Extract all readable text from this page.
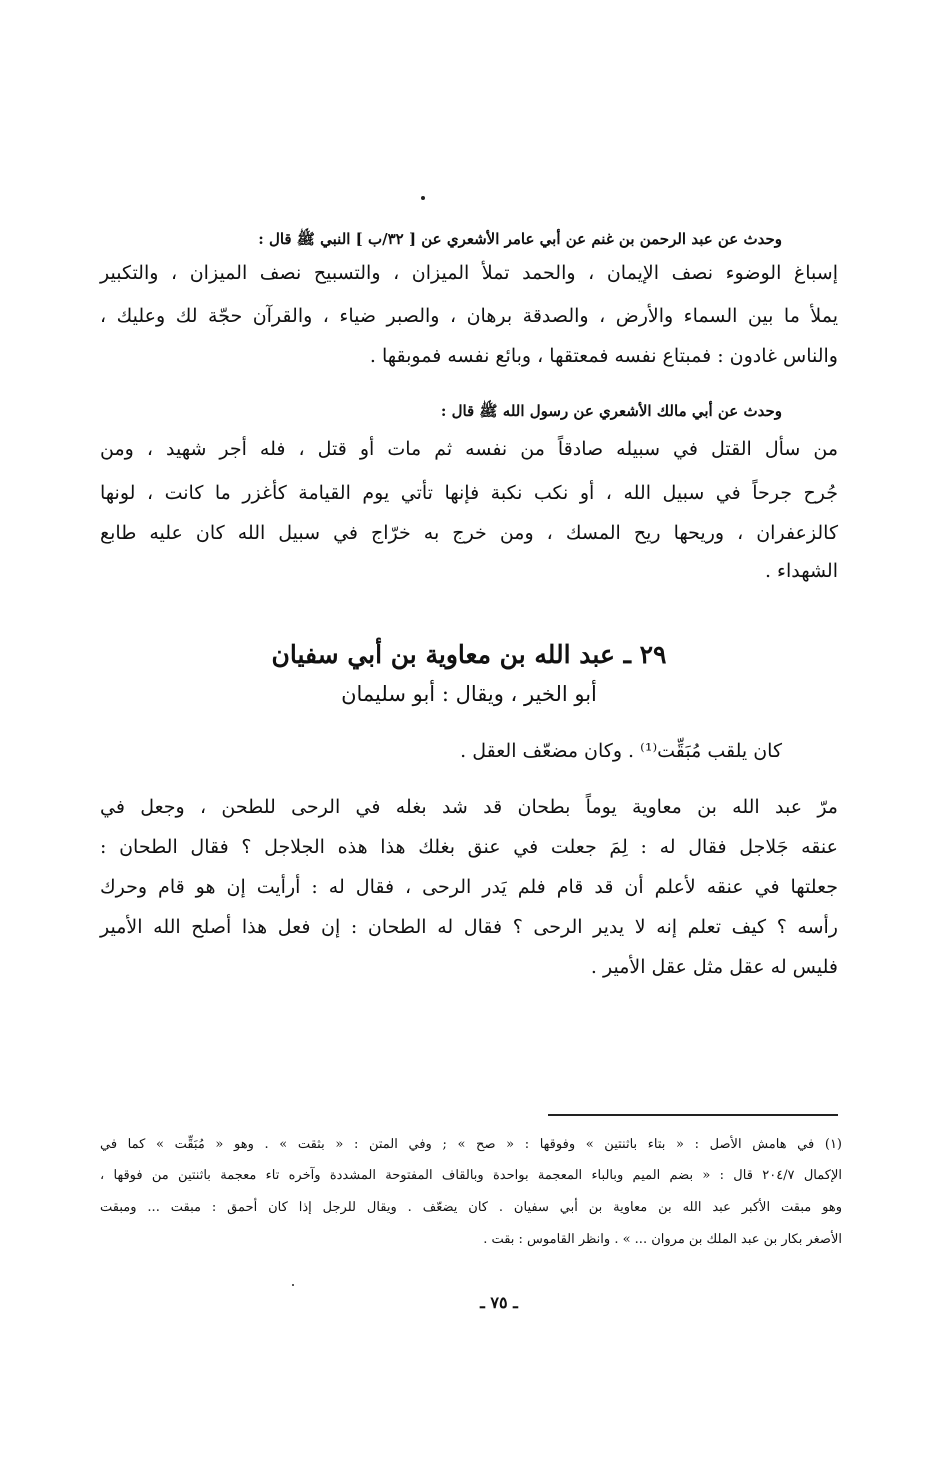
وحدث عن عبد الرحمن بن غنم عن أبي عامر الأشعري عن [ ٣٢/ب ] النبي ﷺ قال :
إسباغ الوضوء نصف الإيمان ، والحمد تملأ الميزان ، والتسبيح نصف الميزان ، والتكبير
يملأ ما بين السماء والأرض ، والصدقة برهان ، والصبر ضياء ، والقرآن حجّة لك وعليك ،
والناس غادون : فمبتاع نفسه فمعتقها ، وبائع نفسه فموبقها .
وحدث عن أبي مالك الأشعري عن رسول الله ﷺ قال :
من سأل القتل في سبيله صادقاً من نفسه ثم مات أو قتل ، فله أجر شهيد ، ومن
جُرح جرحاً في سبيل الله ، أو نكب نكبة فإنها تأتي يوم القيامة كأغزر ما كانت ، لونها
كالزعفران ، وريحها ريح المسك ، ومن خرج به خرّاج في سبيل الله كان عليه طابع
الشهداء .
٢٩ ـ عبد الله بن معاوية بن أبي سفيان
أبو الخير ، ويقال : أبو سليمان
كان يلقب مُبَقِّت⁽¹⁾ . وكان مضعّف العقل .
مرّ عبد الله بن معاوية يوماً بطحان قد شد بغله في الرحى للطحن ، وجعل في
عنقه جَلاجل فقال له : لِمَ جعلت في عنق بغلك هذا هذه الجلاجل ؟ فقال الطحان :
جعلتها في عنقه لأعلم أن قد قام فلم يَدر الرحى ، فقال له : أرأيت إن هو قام وحرك
رأسه ؟ كيف تعلم إنه لا يدير الرحى ؟ فقال له الطحان : إن فعل هذا أصلح الله الأمير
فليس له عقل مثل عقل الأمير .
(١) في هامش الأصل : « بتاء باثنتين » وفوقها : « صح » ; وفي المتن : « بثقت » . وهو « مُبَقِّت » كما في
الإكمال ٢٠٤/٧ قال : « بضم الميم وبالباء المعجمة بواحدة وبالقاف المفتوحة المشددة وآخره تاء معجمة باثنتين من فوقها ،
وهو مبقت الأكبر عبد الله بن معاوية بن أبي سفيان . كان يضعّف . ويقال للرجل إذا كان أحمق : مبقت ... ومبقت
الأصغر بكار بن عبد الملك بن مروان ... » . وانظر القاموس : بقت .
ـ ٧٥ ـ
